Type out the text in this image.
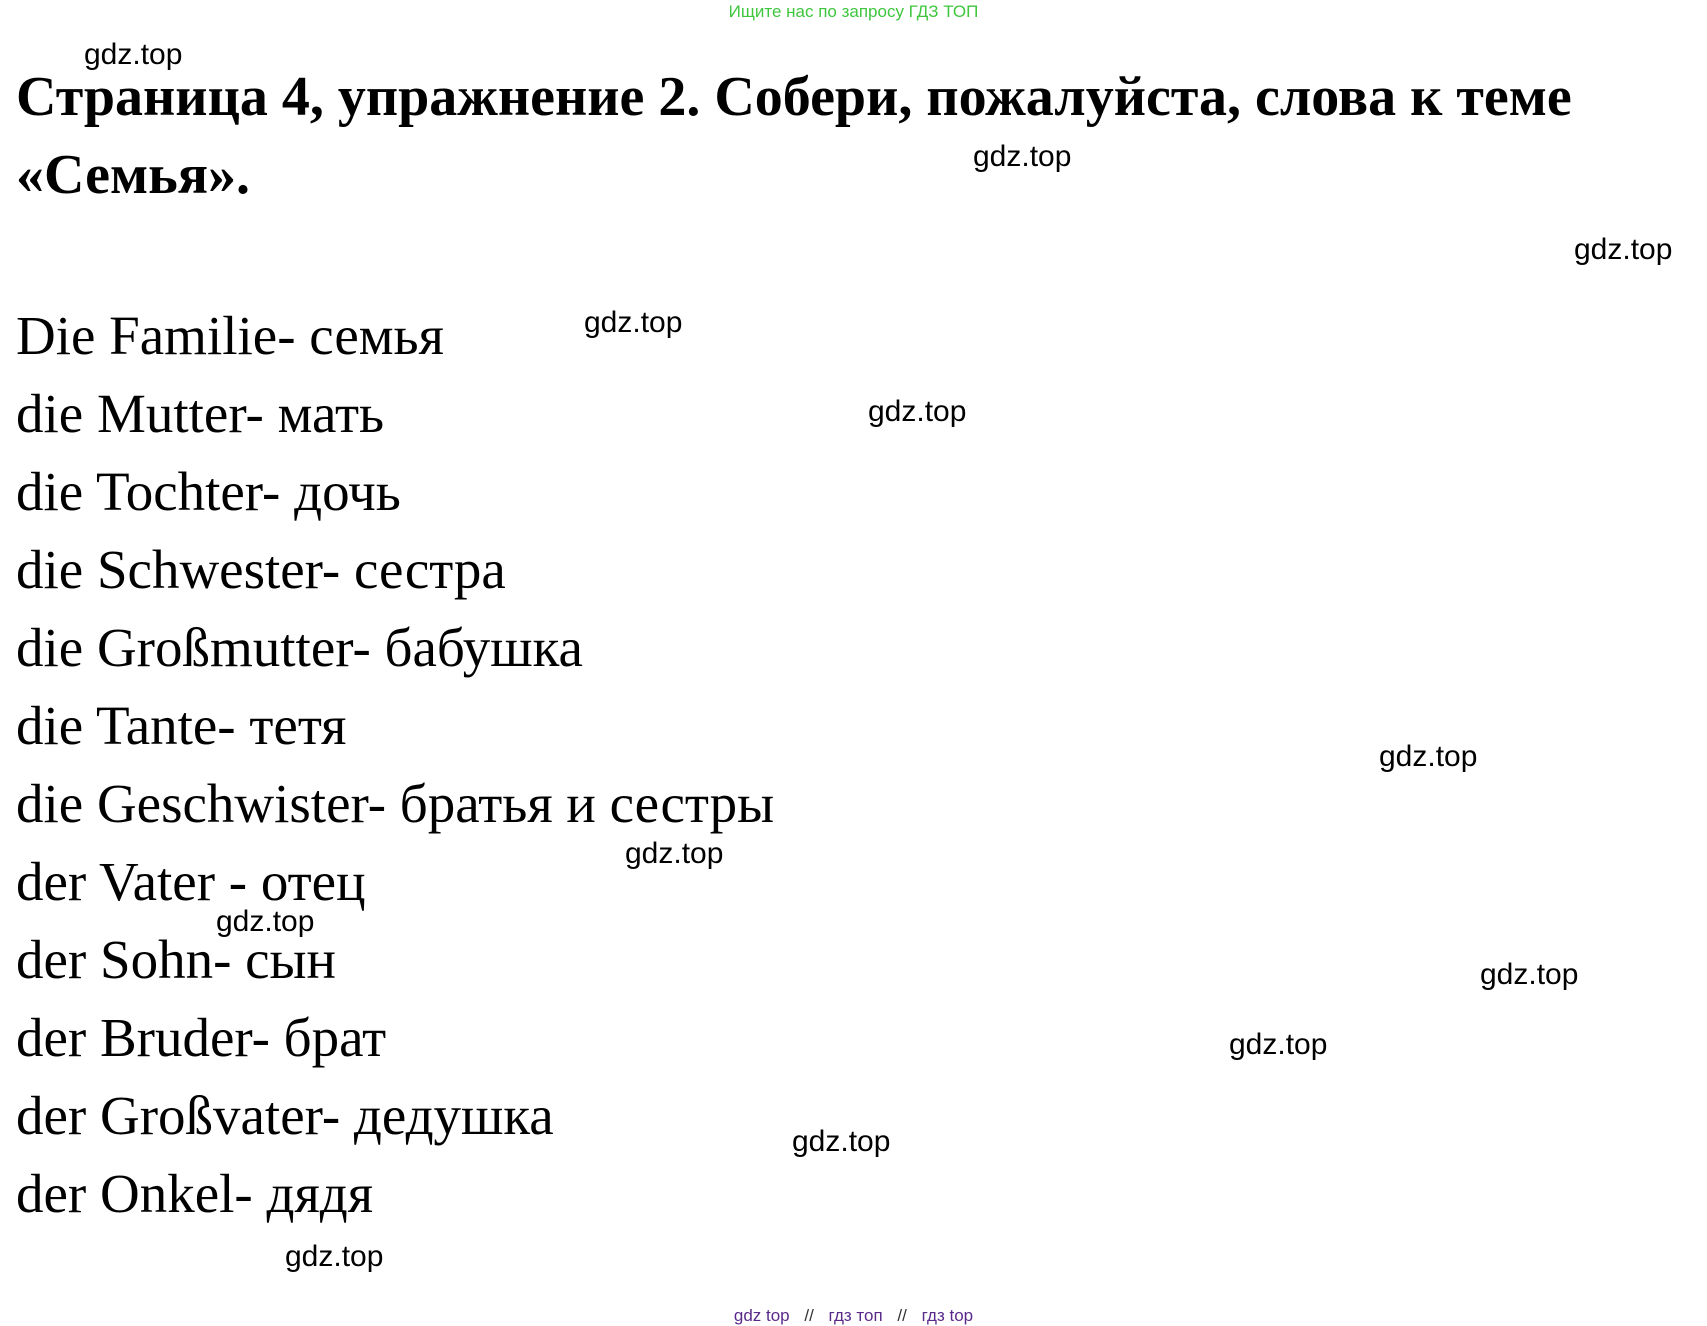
Ищите нас по запросу ГДЗ ТОП
Страница 4, упражнение 2. Собери, пожалуйста, слова к теме «Семья».
Die Familie- семья
die Mutter- мать
die Tochter- дочь
die Schwester- сестра
die Großmutter- бабушка
die Tante- тетя
die Geschwister- братья и сестры
der Vater - отец
der Sohn- сын
der Bruder- брат
der Großvater- дедушка
der Onkel- дядя
gdz.top
gdz.top
gdz.top
gdz.top
gdz.top
gdz.top
gdz.top
gdz.top
gdz.top
gdz.top
gdz.top
gdz.top
gdz top // гдз топ // гдз top
